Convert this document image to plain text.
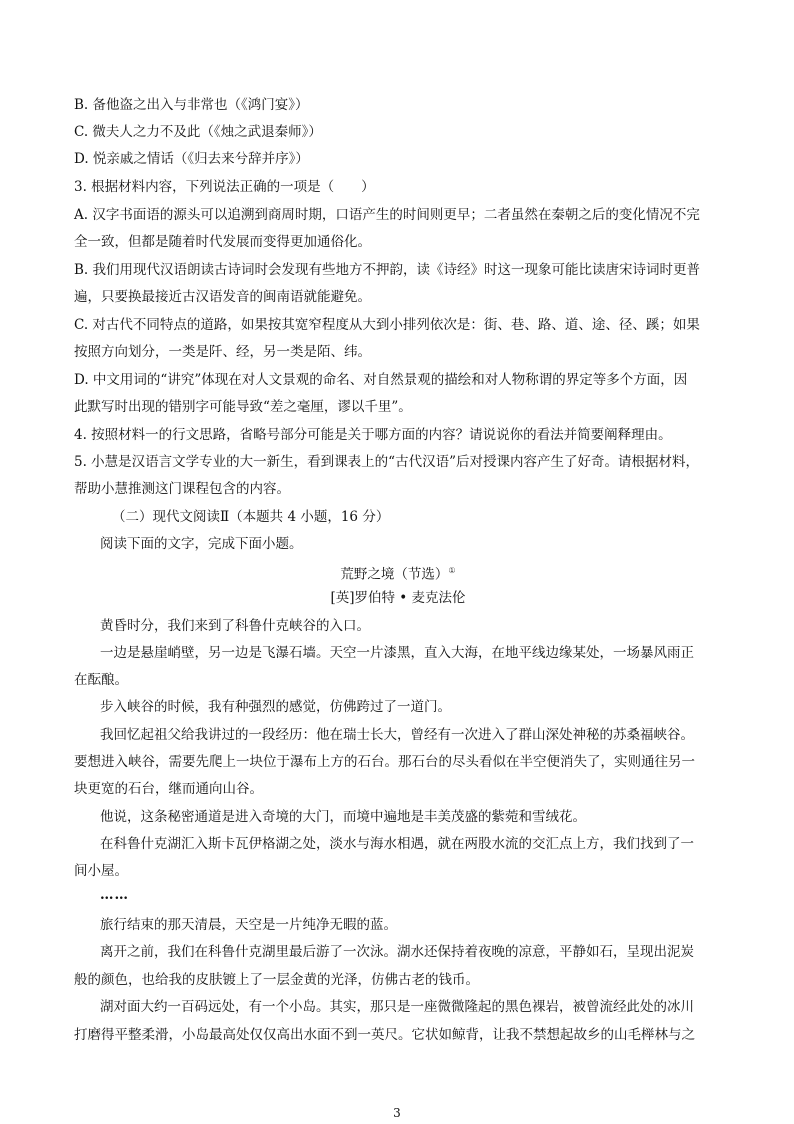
B. 备他盗之出入与非常也（《鸿门宴》）
C. 微夫人之力不及此（《烛之武退秦师》）
D. 悦亲戚之情话（《归去来兮辞并序》）
3. 根据材料内容，下列说法正确的一项是（　　）
A. 汉字书面语的源头可以追溯到商周时期，口语产生的时间则更早；二者虽然在秦朝之后的变化情况不完
全一致，但都是随着时代发展而变得更加通俗化。
B. 我们用现代汉语朗读古诗词时会发现有些地方不押韵，读《诗经》时这一现象可能比读唐宋诗词时更普
遍，只要换最接近古汉语发音的闽南语就能避免。
C. 对古代不同特点的道路，如果按其宽窄程度从大到小排列依次是：街、巷、路、道、途、径、蹊；如果
按照方向划分，一类是阡、经，另一类是陌、纬。
D. 中文用词的“讲究”体现在对人文景观的命名、对自然景观的描绘和对人物称谓的界定等多个方面，因
此默写时出现的错别字可能导致“差之毫厘，谬以千里”。
4. 按照材料一的行文思路，省略号部分可能是关于哪方面的内容？请说说你的看法并简要阐释理由。
5. 小慧是汉语言文学专业的大一新生，看到课表上的“古代汉语”后对授课内容产生了好奇。请根据材料，
帮助小慧推测这门课程包含的内容。
（二）现代文阅读Ⅱ（本题共 4 小题，16 分）
阅读下面的文字，完成下面小题。
荒野之境（节选）①
[英]罗伯特 • 麦克法伦
黄昏时分，我们来到了科鲁什克峡谷的入口。
一边是悬崖峭壁，另一边是飞瀑石墙。天空一片漆黑，直入大海，在地平线边缘某处，一场暴风雨正
在酝酿。
步入峡谷的时候，我有种强烈的感觉，仿佛跨过了一道门。
我回忆起祖父给我讲过的一段经历：他在瑞士长大，曾经有一次进入了群山深处神秘的苏桑福峡谷。
要想进入峡谷，需要先爬上一块位于瀑布上方的石台。那石台的尽头看似在半空便消失了，实则通往另一
块更宽的石台，继而通向山谷。
他说，这条秘密通道是进入奇境的大门，而境中遍地是丰美茂盛的紫菀和雪绒花。
在科鲁什克湖汇入斯卡瓦伊格湖之处，淡水与海水相遇，就在两股水流的交汇点上方，我们找到了一
间小屋。
……
旅行结束的那天清晨，天空是一片纯净无暇的蓝。
离开之前，我们在科鲁什克湖里最后游了一次泳。湖水还保持着夜晚的凉意，平静如石，呈现出泥炭
般的颜色，也给我的皮肤镀上了一层金黄的光泽，仿佛古老的钱币。
湖对面大约一百码远处，有一个小岛。其实，那只是一座微微隆起的黑色裸岩，被曾流经此处的冰川
打磨得平整柔滑，小岛最高处仅仅高出水面不到一英尺。它状如鲸背，让我不禁想起故乡的山毛榉林与之
3
